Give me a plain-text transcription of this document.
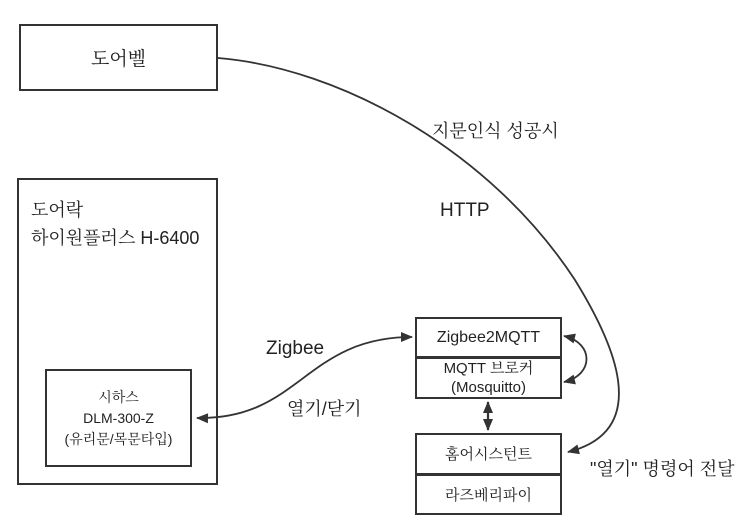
도어벨
도어락
하이원플러스 H-6400
시하스
DLM-300-Z
(유리문/목문타입)
Zigbee2MQTT
MQTT 브로커
(Mosquitto)
홈어시스턴트
라즈베리파이
지문인식 성공시
HTTP
Zigbee
열기/닫기
"열기" 명령어 전달
